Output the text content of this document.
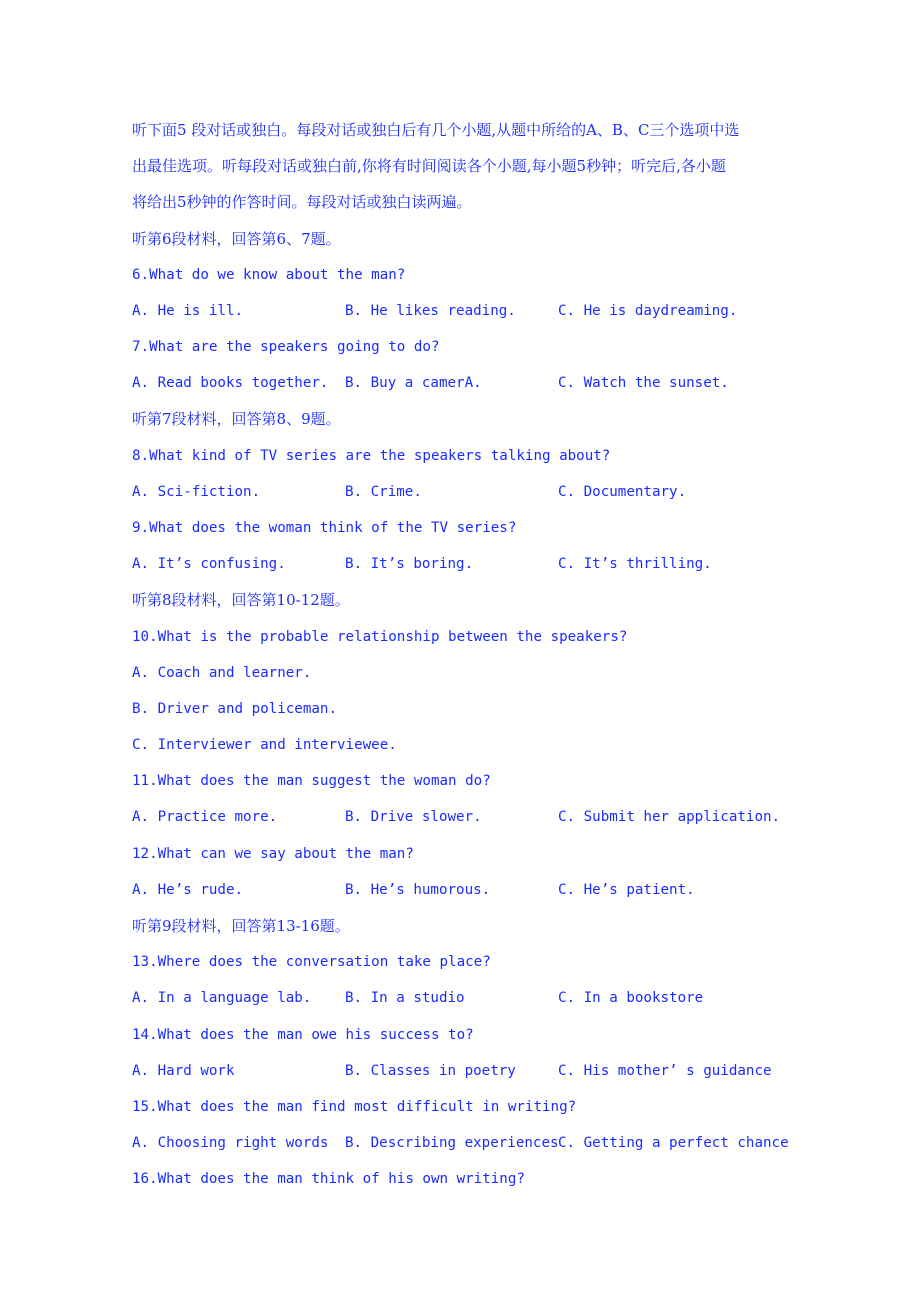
听下面5 段对话或独白。每段对话或独白后有几个小题,从题中所给的A、B、C三个选项中选
出最佳选项。听每段对话或独白前,你将有时间阅读各个小题,每小题5秒钟；听完后,各小题
将给出5秒钟的作答时间。每段对话或独白读两遍。
听第6段材料，回答第6、7题。
6.What do we know about the man?
A. He is ill.	B. He likes reading.	C. He is daydreaming.
7.What are the speakers going to do?
A. Read books together. B. Buy a camerA.	C. Watch the sunset.
听第7段材料，回答第8、9题。
8.What kind of TV series are the speakers talking about?
A. Sci-fiction.	B. Crime.	C. Documentary.
9.What does the woman think of the TV series?
A. It’s confusing.	B. It’s boring.	C. It’s thrilling.
听第8段材料，回答第10-12题。
10.What is the probable relationship between the speakers?
A. Coach and learner.
B. Driver and policeman.
C. Interviewer and interviewee.
11.What does the man suggest the woman do?
A. Practice more.	B. Drive slower.	C. Submit her application.
12.What can we say about the man?
A. He’s rude.	B. He’s humorous.	C. He’s patient.
听第9段材料，回答第13-16题。
13.Where does the conversation take place?
A. In a language lab. B. In a studio	C. In a bookstore
14.What does the man owe his success to?
A. Hard work	B. Classes in poetry	C. His mother’ s guidance
15.What does the man find most difficult in writing?
A. Choosing right words B. Describing experiences C. Getting a perfect chance
16.What does the man think of his own writing?
